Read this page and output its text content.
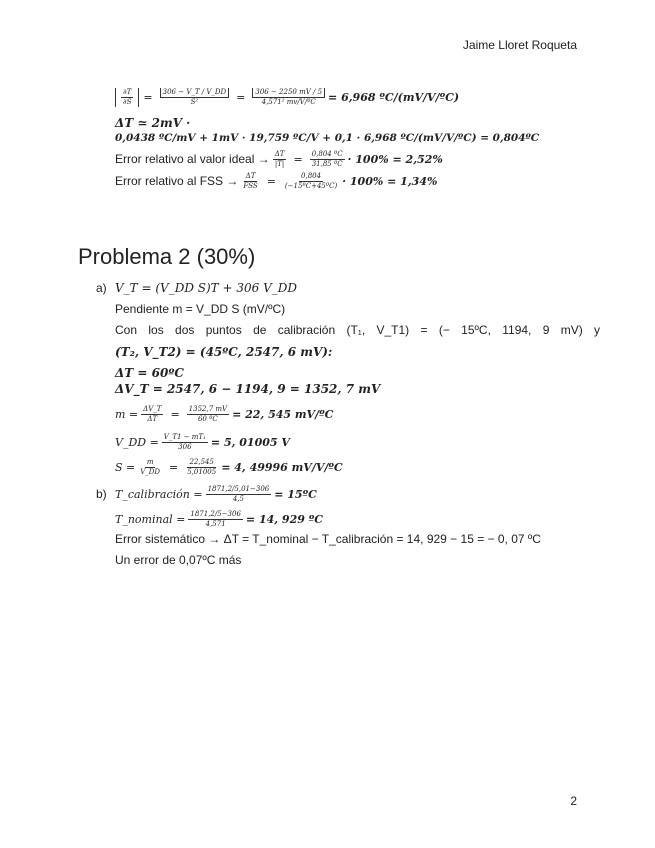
Jaime Lloret Roqueta
$\frac{\partial T}{\partial S} = \frac{306 - V\_T / V\_DD}{\text{S²}} = \frac{306 - 2250 mV / 5}{\text{4,571² mv/V/ºC}} = 6,968$ ºC/(mV/V/ºC)
ΔT ≃ 2mV ·
0,0438 ºC/mV + 1mV · 19,759 ºC/V + 0,1 · 6,968 ºC/(mV/V/ºC) = 0,804ºC
Error relativo al valor ideal → $\frac{\Delta T}{|T|} = \frac{\text{0,804 ºC}}{\text{31,85 ºC}} \cdot 100\% = 2,52\%$
Error relativo al FSS → $\frac{\Delta T}{\text{FSS}} = \frac{0,804}{\text{(−15ºC+45ºC)}} \cdot 100\% = 1,34\%$
Problema 2 (30%)
a) V_T = (V_DD S)T + 306 V_DD
Pendiente m = V_DD S (mV/ºC)
Con los dos puntos de calibración (T₁, V_T1) = (− 15ºC, 1194, 9 mV) y
(T₂, V_T2) = (45ºC, 2547, 6 mV):
ΔT = 60ºC
ΔV_T = 2547, 6 − 1194, 9 = 1352, 7 mV
$m = \frac{\Delta V\_T}{\Delta T} = \frac{1352,7 mV}{\text{60 ºC}} = 22$, 545 mV/ºC
V_DD = $\frac{\text{V\_T1 − mT₁}}{306} = 5$, 01005 V
$S = \frac{m}{V\_DD} = \frac{22,545}{5,01005} = 4$, 49996 mV/V/ºC
b) T_calibración = $\frac{1871,2/5,01-306}{4,5}$ = 15ºC
T_nominal = $\frac{1871,2/5-306}{4,571} = 14$, 929 ºC
Error sistemático → ΔT = T_nominal − T_calibración = 14, 929 − 15 = − 0, 07 ºC
Un error de 0,07ºC más
2
